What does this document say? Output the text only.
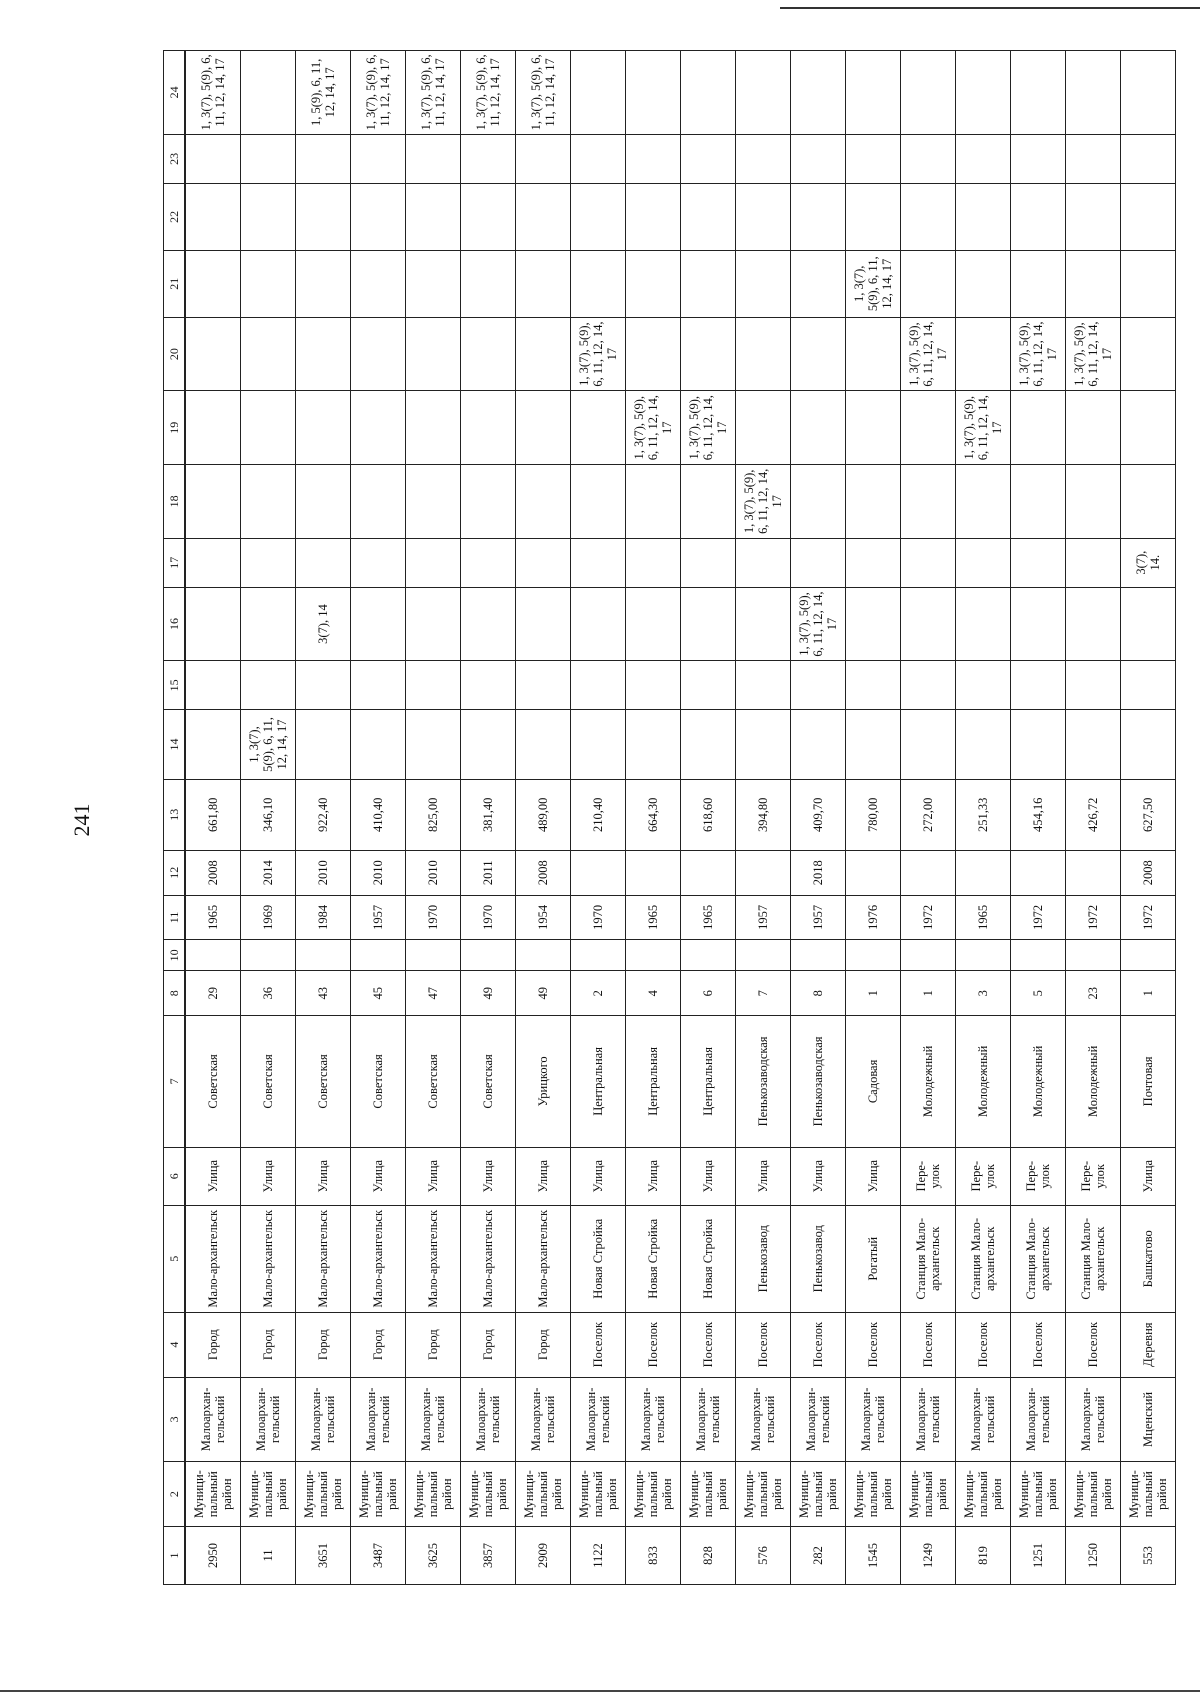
241
1	2	3	4	5	6	7	8	10	11	12	13	14	15	16	17	18	19	20	21	22	23	24
2950	Муници-пальный район	Малоархан-гельский	Город	Мало-архангельск	Улица	Советская	29		1965	2008	661,80											1, 3(7), 5(9), 6, 11, 12, 14, 17
11	Муници-пальный район	Малоархан-гельский	Город	Мало-архангельск	Улица	Советская	36		1969	2014	346,10	1, 3(7), 5(9), 6, 11, 12, 14, 17										
3651	Муници-пальный район	Малоархан-гельский	Город	Мало-архангельск	Улица	Советская	43		1984	2010	922,40			3(7), 14								1, 5(9), 6, 11, 12, 14, 17
3487	Муници-пальный район	Малоархан-гельский	Город	Мало-архангельск	Улица	Советская	45		1957	2010	410,40											1, 3(7), 5(9), 6, 11, 12, 14, 17
3625	Муници-пальный район	Малоархан-гельский	Город	Мало-архангельск	Улица	Советская	47		1970	2010	825,00											1, 3(7), 5(9), 6, 11, 12, 14, 17
3857	Муници-пальный район	Малоархан-гельский	Город	Мало-архангельск	Улица	Советская	49		1970	2011	381,40											1, 3(7), 5(9), 6, 11, 12, 14, 17
2909	Муници-пальный район	Малоархан-гельский	Город	Мало-архангельск	Улица	Урицкого	49		1954	2008	489,00											1, 3(7), 5(9), 6, 11, 12, 14, 17
1122	Муници-пальный район	Малоархан-гельский	Поселок	Новая Стройка	Улица	Центральная	2		1970		210,40							1, 3(7), 5(9), 6, 11, 12, 14, 17				
833	Муници-пальный район	Малоархан-гельский	Поселок	Новая Стройка	Улица	Центральная	4		1965		664,30						1, 3(7), 5(9), 6, 11, 12, 14, 17					
828	Муници-пальный район	Малоархан-гельский	Поселок	Новая Стройка	Улица	Центральная	6		1965		618,60						1, 3(7), 5(9), 6, 11, 12, 14, 17					
576	Муници-пальный район	Малоархан-гельский	Поселок	Пенькозавод	Улица	Пенькозаводская	7		1957		394,80					1, 3(7), 5(9), 6, 11, 12, 14, 17						
282	Муници-пальный район	Малоархан-гельский	Поселок	Пенькозавод	Улица	Пенькозаводская	8		1957	2018	409,70			1, 3(7), 5(9), 6, 11, 12, 14, 17								
1545	Муници-пальный район	Малоархан-гельский	Поселок	Рогатый	Улица	Садовая	1		1976		780,00								1, 3(7), 5(9), 6, 11, 12, 14, 17			
1249	Муници-пальный район	Малоархан-гельский	Поселок	Станция Мало-архангельск	Пере-улок	Молодежный	1		1972		272,00							1, 3(7), 5(9), 6, 11, 12, 14, 17				
819	Муници-пальный район	Малоархан-гельский	Поселок	Станция Мало-архангельск	Пере-улок	Молодежный	3		1965		251,33						1, 3(7), 5(9), 6, 11, 12, 14, 17					
1251	Муници-пальный район	Малоархан-гельский	Поселок	Станция Мало-архангельск	Пере-улок	Молодежный	5		1972		454,16							1, 3(7), 5(9), 6, 11, 12, 14, 17				
1250	Муници-пальный район	Малоархан-гельский	Поселок	Станция Мало-архангельск	Пере-улок	Молодежный	23		1972		426,72							1, 3(7), 5(9), 6, 11, 12, 14, 17				
553	Муници-пальный район	Мценский	Деревня	Башкатово	Улица	Почтовая	1		1972	2008	627,50				3(7), 14.							
